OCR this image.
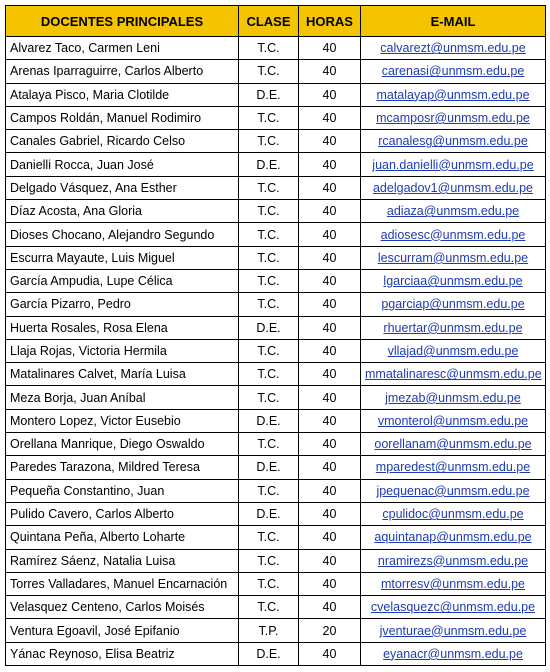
DOCENTES PRINCIPALES	CLASE	HORAS	E-MAIL
Alvarez Taco, Carmen Leni	T.C.	40	calvarezt@unmsm.edu.pe
Arenas Iparraguirre, Carlos Alberto	T.C.	40	carenasi@unmsm.edu.pe
Atalaya Pisco, Maria Clotilde	D.E.	40	matalayap@unmsm.edu.pe
Campos Roldán, Manuel Rodimiro	T.C.	40	mcamposr@unmsm.edu.pe
Canales Gabriel, Ricardo Celso	T.C.	40	rcanalesg@unmsm.edu.pe
Danielli Rocca, Juan José	D.E.	40	juan.danielli@unmsm.edu.pe
Delgado Vásquez, Ana Esther	T.C.	40	adelgadov1@unmsm.edu.pe
Díaz Acosta, Ana Gloria	T.C.	40	adiaza@unmsm.edu.pe
Dioses Chocano, Alejandro Segundo	T.C.	40	adiosesc@unmsm.edu.pe
Escurra Mayaute, Luis Miguel	T.C.	40	lescurram@unmsm.edu.pe
García Ampudia, Lupe Célica	T.C.	40	lgarciaa@unmsm.edu.pe
García Pizarro, Pedro	T.C.	40	pgarciap@unmsm.edu.pe
Huerta Rosales, Rosa Elena	D.E.	40	rhuertar@unmsm.edu.pe
Llaja Rojas, Victoria Hermila	T.C.	40	vllajad@unmsm.edu.pe
Matalinares Calvet, María Luisa	T.C.	40	mmatalinaresc@unmsm.edu.pe
Meza Borja, Juan Aníbal	T.C.	40	jmezab@unmsm.edu.pe
Montero Lopez, Victor Eusebio	D.E.	40	vmonterol@unmsm.edu.pe
Orellana Manrique, Diego Oswaldo	T.C.	40	oorellanam@unmsm.edu.pe
Paredes Tarazona, Mildred Teresa	D.E.	40	mparedest@unmsm.edu.pe
Pequeña Constantino, Juan	T.C.	40	jpequenac@unmsm.edu.pe
Pulido Cavero, Carlos Alberto	D.E.	40	cpulidoc@unmsm.edu.pe
Quintana Peña, Alberto Loharte	T.C.	40	aquintanap@unmsm.edu.pe
Ramírez Sáenz, Natalia Luisa	T.C.	40	nramirezs@unmsm.edu.pe
Torres Valladares, Manuel Encarnación	T.C.	40	mtorresv@unmsm.edu.pe
Velasquez Centeno, Carlos Moisés	T.C.	40	cvelasquezc@unmsm.edu.pe
Ventura Egoavil, José Epifanio	T.P.	20	jventurae@unmsm.edu.pe
Yánac Reynoso, Elisa Beatriz	D.E.	40	eyanacr@unmsm.edu.pe
